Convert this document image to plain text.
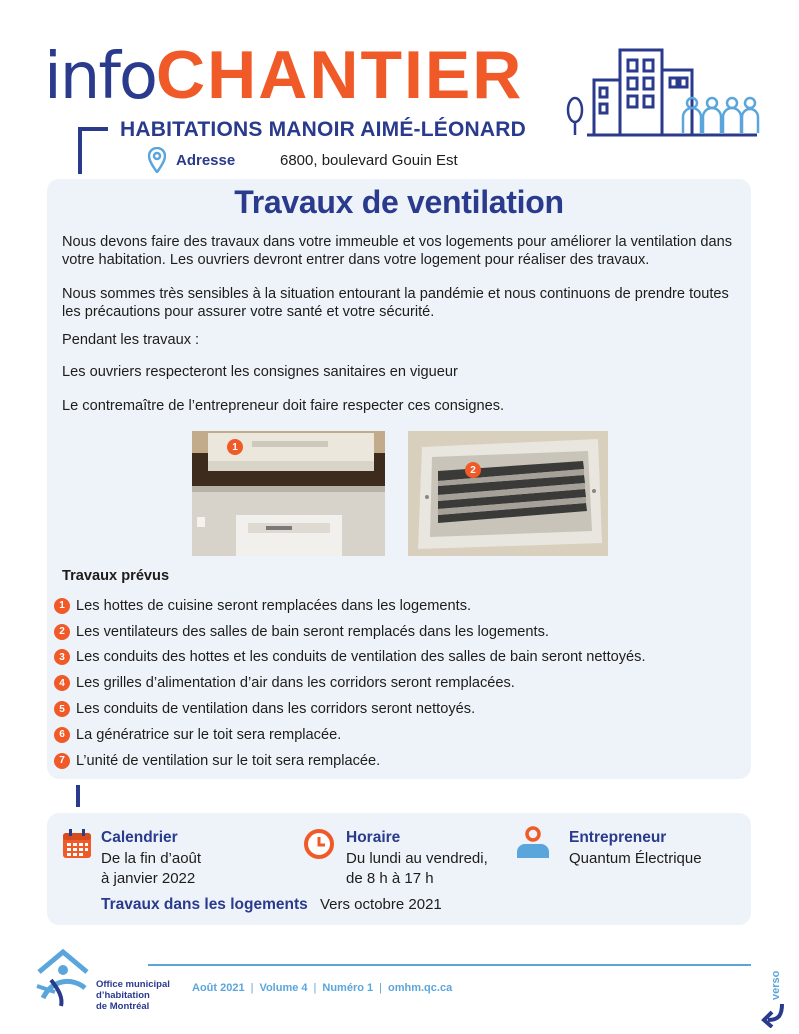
infoCHANTIER
HABITATIONS MANOIR AIMÉ-LÉONARD
Adresse	6800, boulevard Gouin Est
Travaux de ventilation

Nous devons faire des travaux dans votre immeuble et vos logements pour améliorer la ventilation dans votre habitation. Les ouvriers devront entrer dans votre logement pour réaliser des travaux.

Nous sommes très sensibles à la situation entourant la pandémie et nous continuons de prendre toutes les précautions pour assurer votre santé et votre sécurité.

Pendant les travaux :

Les ouvriers respecteront les consignes sanitaires en vigueur

Le contremaître de l’entrepreneur doit faire respecter ces consignes.

1
2
Travaux prévus
1 Les hottes de cuisine seront remplacées dans les logements.
2 Les ventilateurs des salles de bain seront remplacés dans les logements.
3 Les conduits des hottes et les conduits de ventilation des salles de bain seront nettoyés.
4 Les grilles d’alimentation d’air dans les corridors seront remplacées.
5 Les conduits de ventilation dans les corridors seront nettoyés.
6 La génératrice sur le toit sera remplacée.
7 L’unité de ventilation sur le toit sera remplacée.
Calendrier
De la fin d’août
à janvier 2022
Horaire
Du lundi au vendredi,
de 8 h à 17 h
Entrepreneur
Quantum Électrique
Travaux dans les logements Vers octobre 2021
Office municipal
d’habitation
de Montréal
Août 2021 | Volume 4 | Numéro 1 | omhm.qc.ca	verso
